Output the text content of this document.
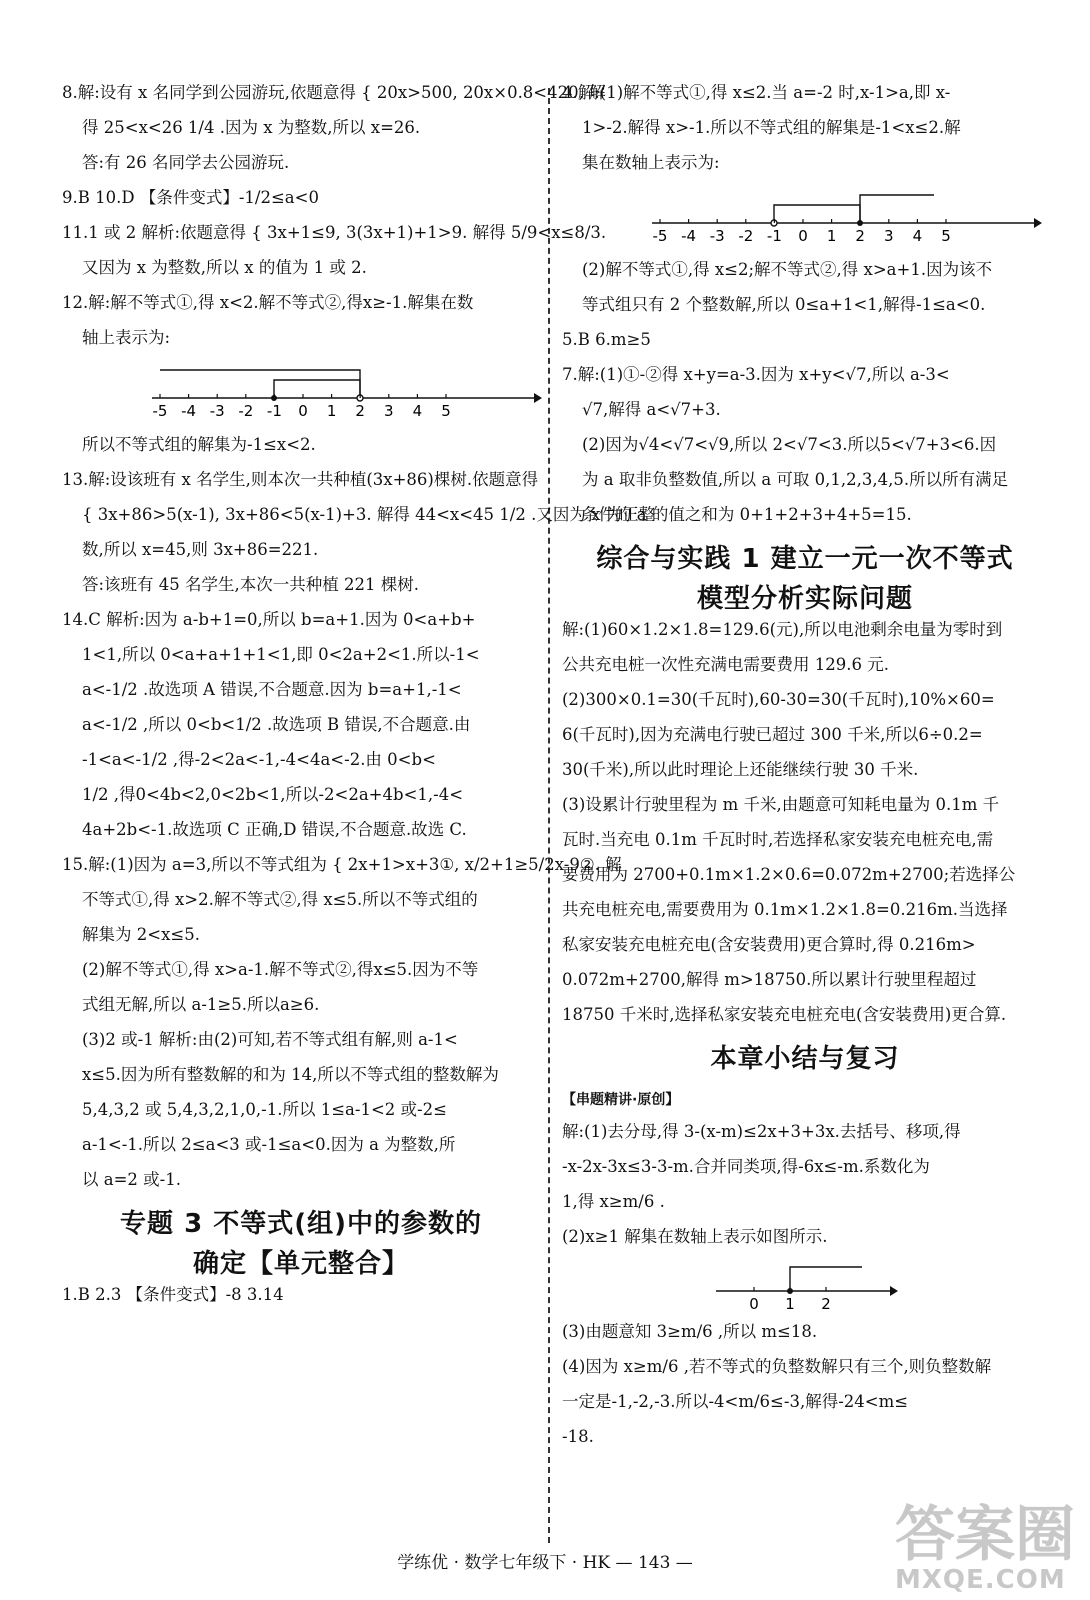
8.解:设有 x 名同学到公园游玩,依题意得 { 20x>500, 20x×0.8<420, 解
得 25<x<26 1/4 .因为 x 为整数,所以 x=26.
答:有 26 名同学去公园游玩.
9.B 10.D 【条件变式】-1/2≤a<0
11.1 或 2 解析:依题意得 { 3x+1≤9, 3(3x+1)+1>9. 解得 5/9<x≤8/3.
又因为 x 为整数,所以 x 的值为 1 或 2.
12.解:解不等式①,得 x<2.解不等式②,得x≥-1.解集在数
轴上表示为:
-5 -4 -3 -2 -1 0 1 2 3 4 5
所以不等式组的解集为-1≤x<2.
13.解:设该班有 x 名学生,则本次一共种植(3x+86)棵树.依题意得
{ 3x+86>5(x-1), 3x+86<5(x-1)+3. 解得 44<x<45 1/2 .又因为 x 为正整
数,所以 x=45,则 3x+86=221.
答:该班有 45 名学生,本次一共种植 221 棵树.
14.C 解析:因为 a-b+1=0,所以 b=a+1.因为 0<a+b+
1<1,所以 0<a+a+1+1<1,即 0<2a+2<1.所以-1<
a<-1/2 .故选项 A 错误,不合题意.因为 b=a+1,-1<
a<-1/2 ,所以 0<b<1/2 .故选项 B 错误,不合题意.由
-1<a<-1/2 ,得-2<2a<-1,-4<4a<-2.由 0<b<
1/2 ,得0<4b<2,0<2b<1,所以-2<2a+4b<1,-4<
4a+2b<-1.故选项 C 正确,D 错误,不合题意.故选 C.
15.解:(1)因为 a=3,所以不等式组为 { 2x+1>x+3①, x/2+1≥5/2x-9②. 解
不等式①,得 x>2.解不等式②,得 x≤5.所以不等式组的
解集为 2<x≤5.
(2)解不等式①,得 x>a-1.解不等式②,得x≤5.因为不等
式组无解,所以 a-1≥5.所以a≥6.
(3)2 或-1 解析:由(2)可知,若不等式组有解,则 a-1<
x≤5.因为所有整数解的和为 14,所以不等式组的整数解为
5,4,3,2 或 5,4,3,2,1,0,-1.所以 1≤a-1<2 或-2≤
a-1<-1.所以 2≤a<3 或-1≤a<0.因为 a 为整数,所
以 a=2 或-1.
专题 3 不等式(组)中的参数的
确定【单元整合】
1.B 2.3 【条件变式】-8 3.14
4.解:(1)解不等式①,得 x≤2.当 a=-2 时,x-1>a,即 x-
1>-2.解得 x>-1.所以不等式组的解集是-1<x≤2.解
集在数轴上表示为:
-5 -4 -3 -2 -1 0 1 2 3 4 5
(2)解不等式①,得 x≤2;解不等式②,得 x>a+1.因为该不
等式组只有 2 个整数解,所以 0≤a+1<1,解得-1≤a<0.
5.B 6.m≥5
7.解:(1)①-②得 x+y=a-3.因为 x+y<√7,所以 a-3<
√7,解得 a<√7+3.
(2)因为√4<√7<√9,所以 2<√7<3.所以5<√7+3<6.因
为 a 取非负整数值,所以 a 可取 0,1,2,3,4,5.所以所有满足
条件的 a 的值之和为 0+1+2+3+4+5=15.
综合与实践 1 建立一元一次不等式
模型分析实际问题
解:(1)60×1.2×1.8=129.6(元),所以电池剩余电量为零时到
公共充电桩一次性充满电需要费用 129.6 元.
(2)300×0.1=30(千瓦时),60-30=30(千瓦时),10%×60=
6(千瓦时),因为充满电行驶已超过 300 千米,所以6÷0.2=
30(千米),所以此时理论上还能继续行驶 30 千米.
(3)设累计行驶里程为 m 千米,由题意可知耗电量为 0.1m 千
瓦时.当充电 0.1m 千瓦时时,若选择私家安装充电桩充电,需
要费用为 2700+0.1m×1.2×0.6=0.072m+2700;若选择公
共充电桩充电,需要费用为 0.1m×1.2×1.8=0.216m.当选择
私家安装充电桩充电(含安装费用)更合算时,得 0.216m>
0.072m+2700,解得 m>18750.所以累计行驶里程超过
18750 千米时,选择私家安装充电桩充电(含安装费用)更合算.
本章小结与复习
【串题精讲·原创】
解:(1)去分母,得 3-(x-m)≤2x+3+3x.去括号、移项,得
-x-2x-3x≤3-3-m.合并同类项,得-6x≤-m.系数化为
1,得 x≥m/6 .
(2)x≥1 解集在数轴上表示如图所示.
0 1 2
(3)由题意知 3≥m/6 ,所以 m≤18.
(4)因为 x≥m/6 ,若不等式的负整数解只有三个,则负整数解
一定是-1,-2,-3.所以-4<m/6≤-3,解得-24<m≤
-18.
学练优 · 数学七年级下 · HK — 143 —	答案圈
MXQE.COM
